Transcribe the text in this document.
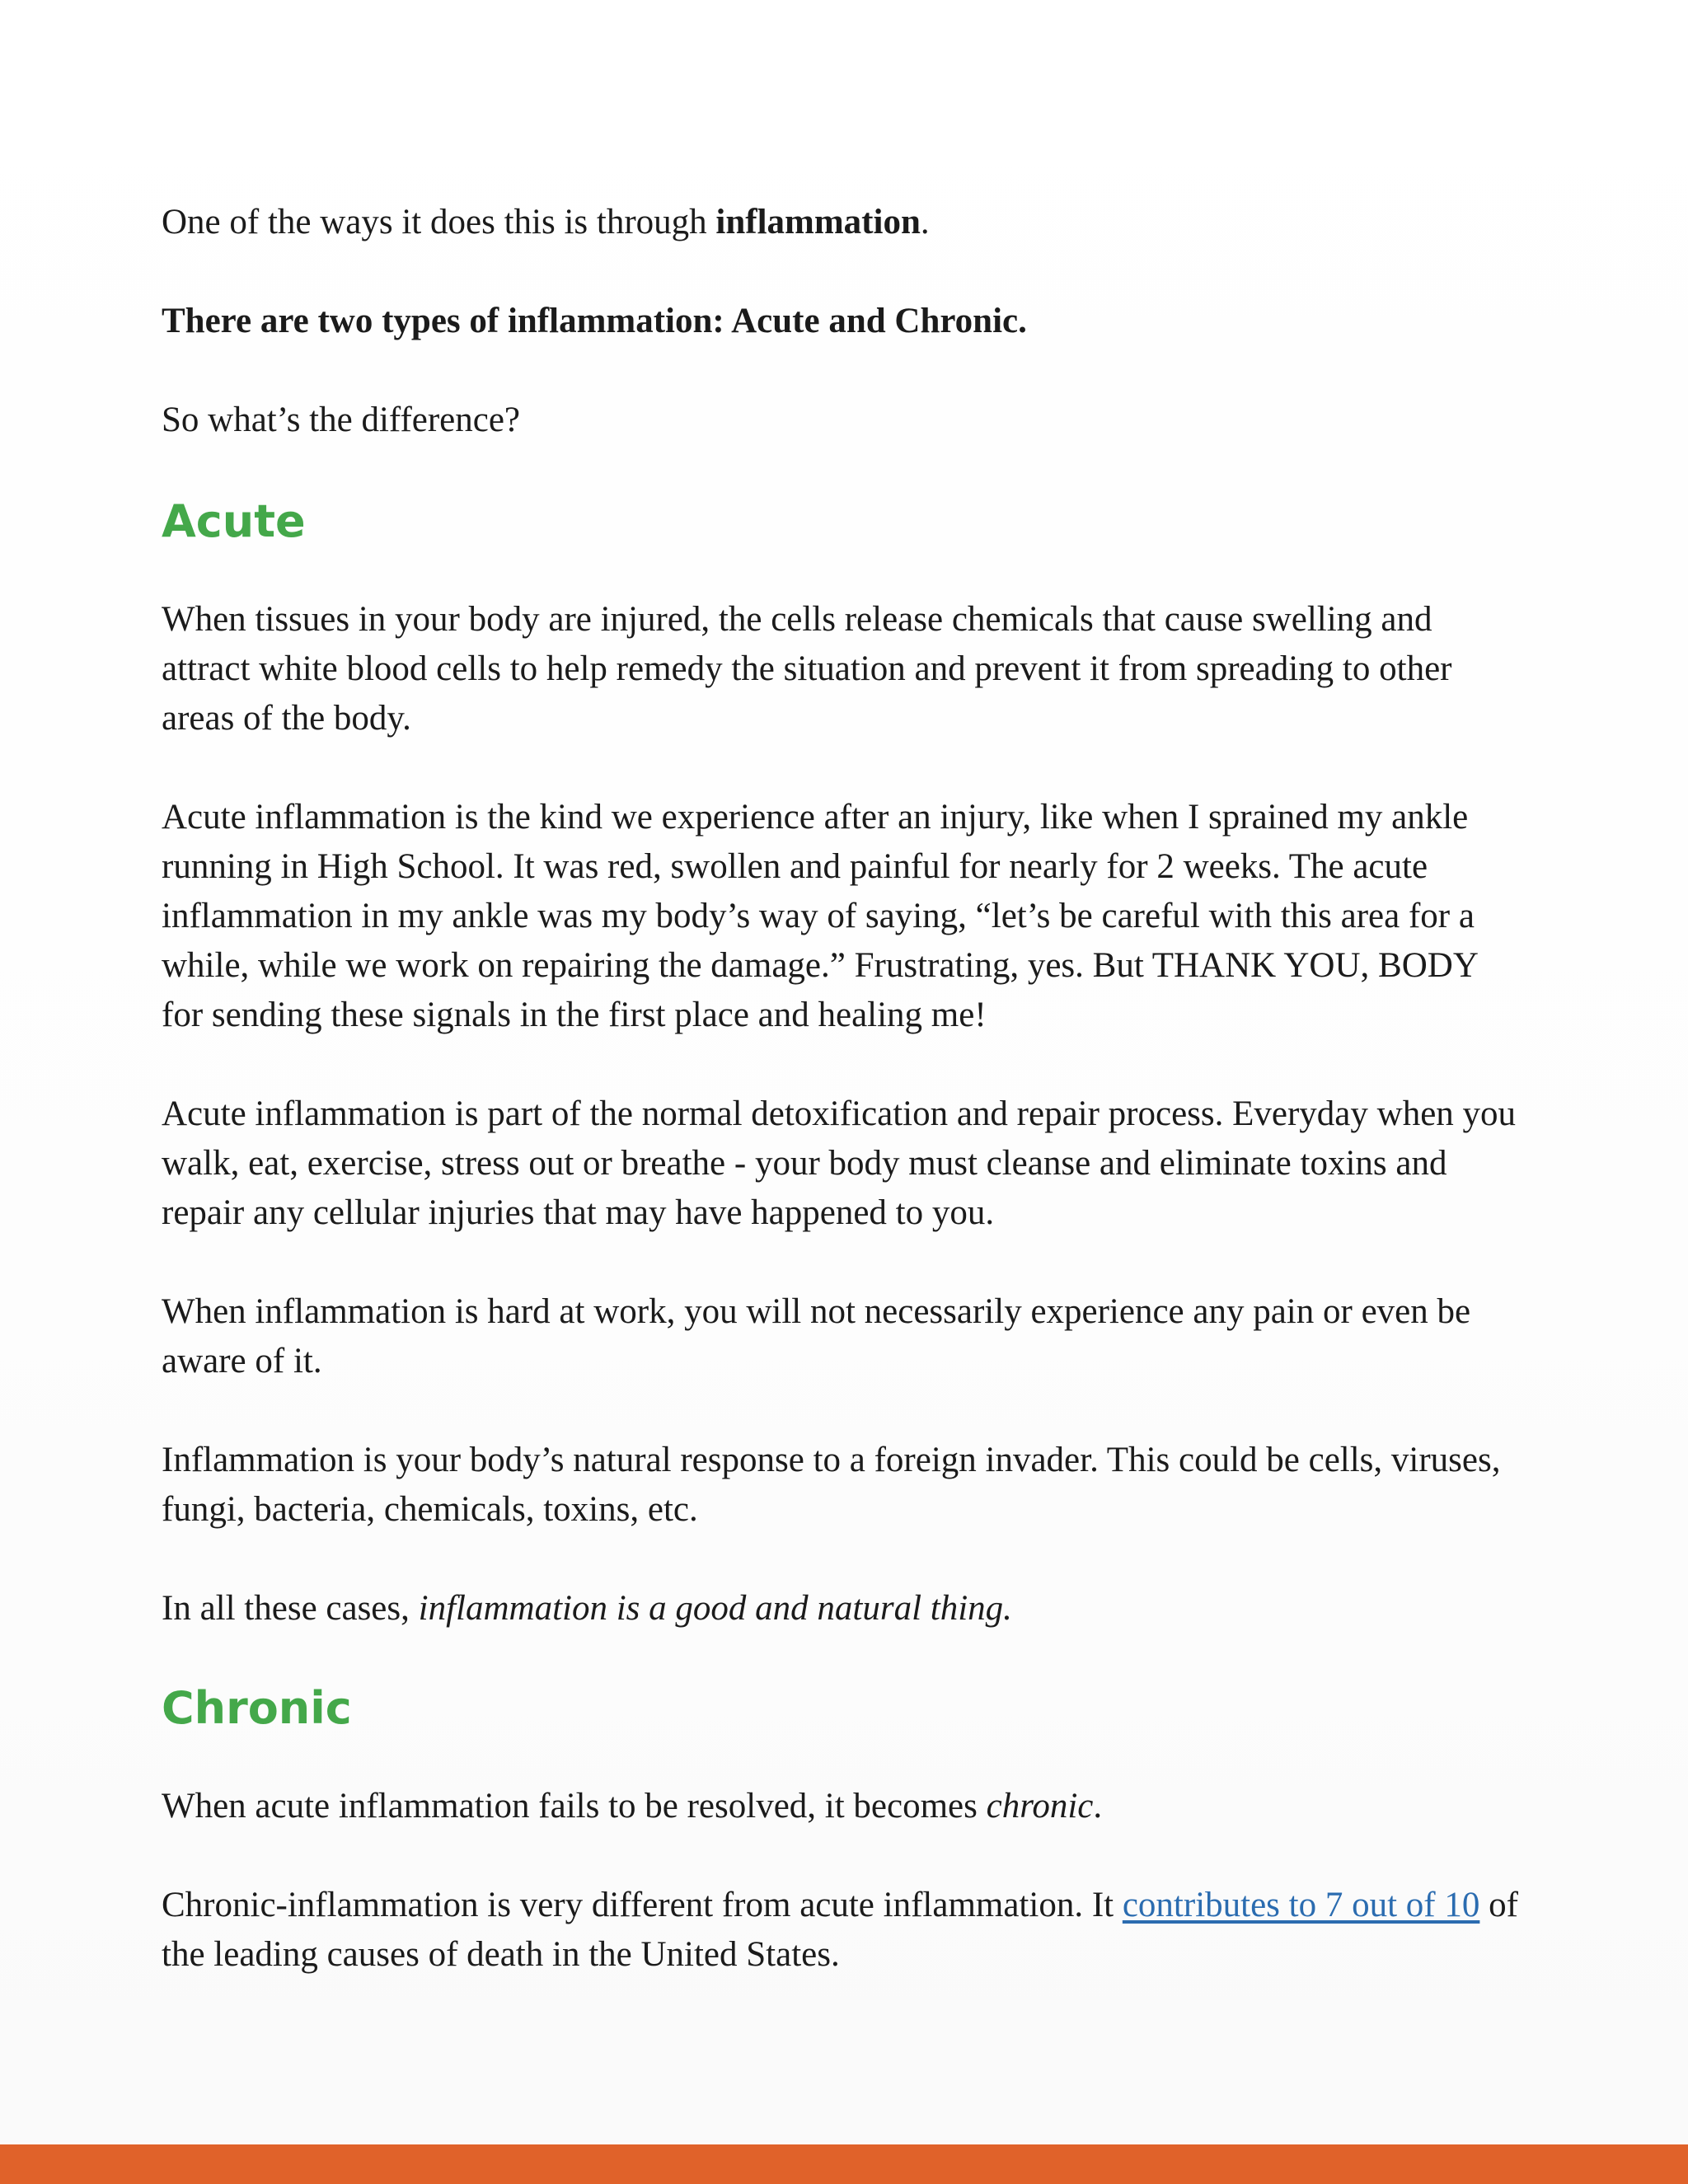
One of the ways it does this is through inflammation.

There are two types of inflammation: Acute and Chronic.

So what’s the difference?

Acute

When tissues in your body are injured, the cells release chemicals that cause swelling and attract white blood cells to help remedy the situation and prevent it from spreading to other areas of the body.

Acute inflammation is the kind we experience after an injury, like when I sprained my ankle running in High School. It was red, swollen and painful for nearly for 2 weeks. The acute inflammation in my ankle was my body’s way of saying, “let’s be careful with this area for a while, while we work on repairing the damage.” Frustrating, yes. But THANK YOU, BODY for sending these signals in the first place and healing me!

Acute inflammation is part of the normal detoxification and repair process. Everyday when you walk, eat, exercise, stress out or breathe - your body must cleanse and eliminate toxins and repair any cellular injuries that may have happened to you.

When inflammation is hard at work, you will not necessarily experience any pain or even be aware of it.

Inflammation is your body’s natural response to a foreign invader. This could be cells, viruses, fungi, bacteria, chemicals, toxins, etc.

In all these cases, inflammation is a good and natural thing.

Chronic

When acute inflammation fails to be resolved, it becomes chronic.

Chronic-inflammation is very different from acute inflammation. It contributes to 7 out of 10 of the leading causes of death in the United States.
